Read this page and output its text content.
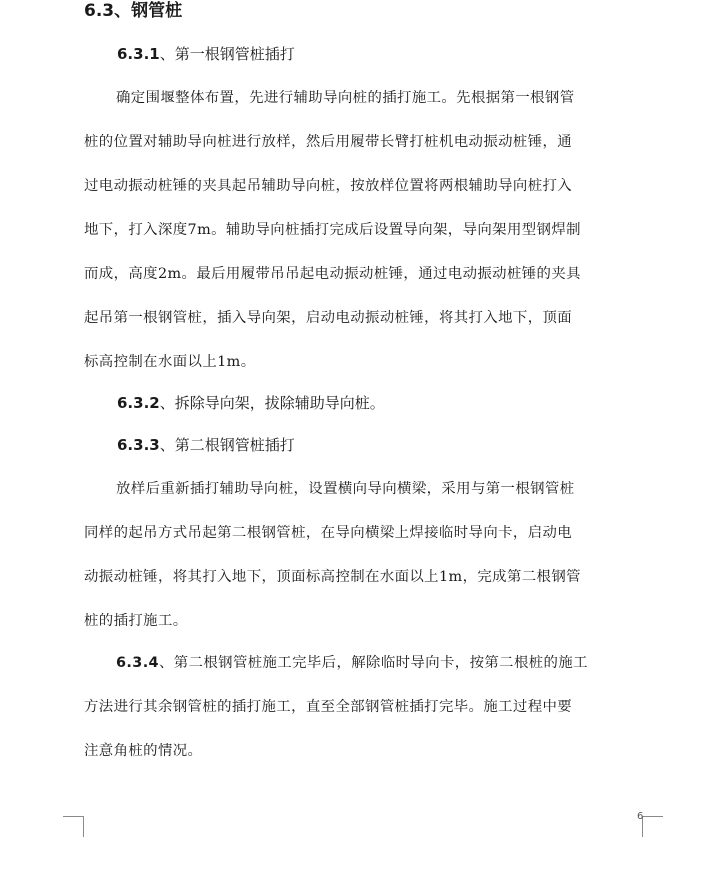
6.3、钢管桩
6.3.1、第一根钢管桩插打
确定围堰整体布置，先进行辅助导向桩的插打施工。先根据第一根钢管
桩的位置对辅助导向桩进行放样，然后用履带长臂打桩机电动振动桩锤，通
过电动振动桩锤的夹具起吊辅助导向桩，按放样位置将两根辅助导向桩打入
地下，打入深度7m。辅助导向桩插打完成后设置导向架，导向架用型钢焊制
而成，高度2m。最后用履带吊吊起电动振动桩锤，通过电动振动桩锤的夹具
起吊第一根钢管桩，插入导向架，启动电动振动桩锤，将其打入地下，顶面
标高控制在水面以上1m。
6.3.2、拆除导向架，拔除辅助导向桩。
6.3.3、第二根钢管桩插打
放样后重新插打辅助导向桩，设置横向导向横梁，采用与第一根钢管桩
同样的起吊方式吊起第二根钢管桩，在导向横梁上焊接临时导向卡，启动电
动振动桩锤，将其打入地下，顶面标高控制在水面以上1m，完成第二根钢管
桩的插打施工。
6.3.4、第二根钢管桩施工完毕后，解除临时导向卡，按第二根桩的施工
方法进行其余钢管桩的插打施工，直至全部钢管桩插打完毕。施工过程中要
注意角桩的情况。
6
